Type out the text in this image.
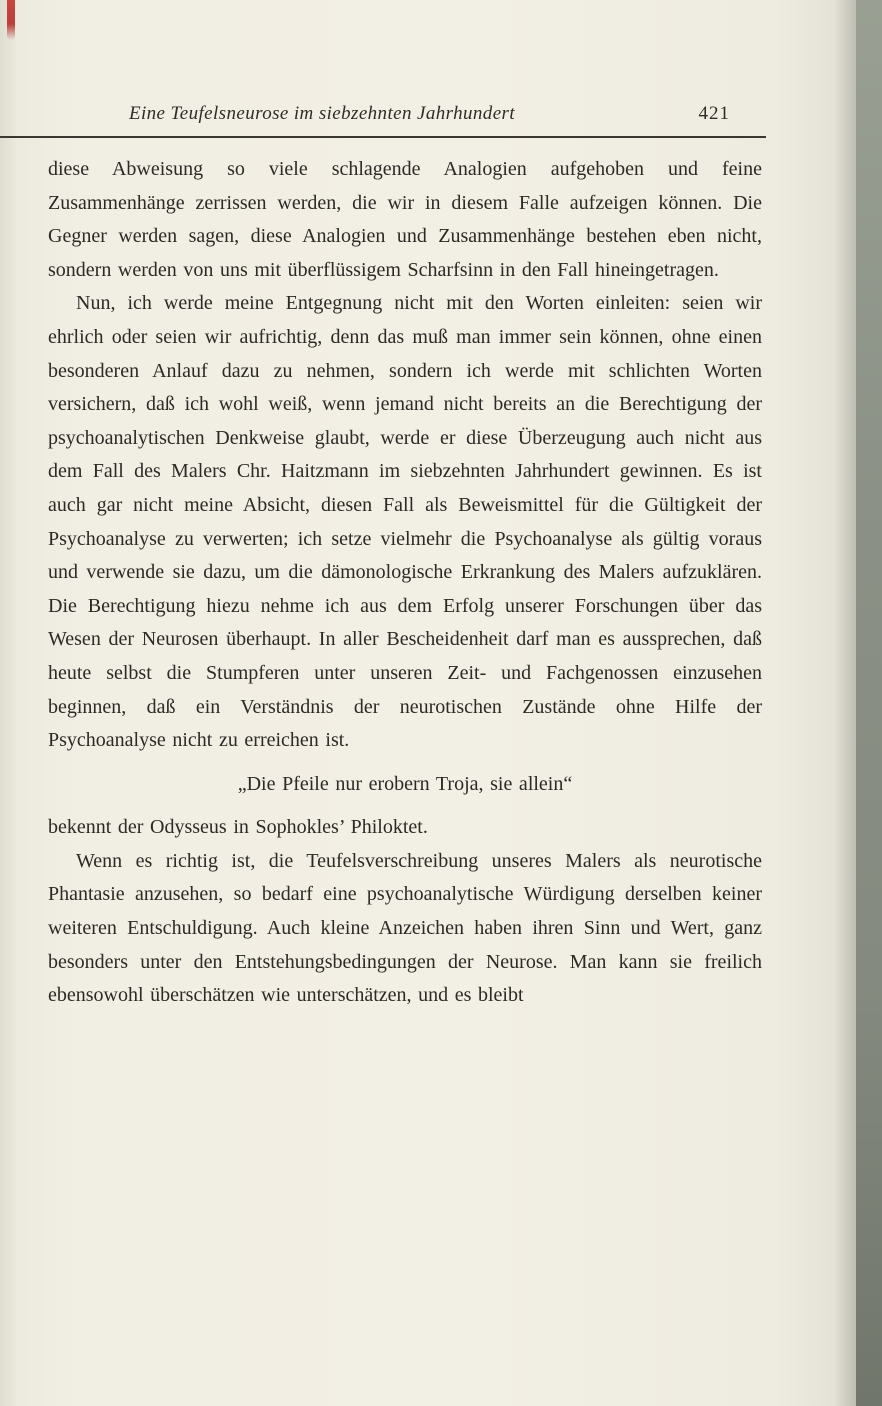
Eine Teufelsneurose im siebzehnten Jahrhundert	421

diese Abweisung so viele schlagende Analogien aufgehoben und feine Zusammenhänge zerrissen werden, die wir in diesem Falle aufzeigen können. Die Gegner werden sagen, diese Analogien und Zusammenhänge bestehen eben nicht, sondern werden von uns mit überflüssigem Scharfsinn in den Fall hineingetragen.

Nun, ich werde meine Entgegnung nicht mit den Worten einleiten: seien wir ehrlich oder seien wir aufrichtig, denn das muß man immer sein können, ohne einen besonderen Anlauf dazu zu nehmen, sondern ich werde mit schlichten Worten versichern, daß ich wohl weiß, wenn jemand nicht bereits an die Berechtigung der psychoanalytischen Denkweise glaubt, werde er diese Überzeugung auch nicht aus dem Fall des Malers Chr. Haitzmann im siebzehnten Jahrhundert gewinnen. Es ist auch gar nicht meine Absicht, diesen Fall als Beweismittel für die Gültigkeit der Psychoanalyse zu verwerten; ich setze vielmehr die Psychoanalyse als gültig voraus und verwende sie dazu, um die dämonologische Erkrankung des Malers aufzuklären. Die Berechtigung hiezu nehme ich aus dem Erfolg unserer Forschungen über das Wesen der Neurosen überhaupt. In aller Bescheidenheit darf man es aussprechen, daß heute selbst die Stumpferen unter unseren Zeit- und Fachgenossen einzusehen beginnen, daß ein Verständnis der neurotischen Zustände ohne Hilfe der Psychoanalyse nicht zu erreichen ist.

„Die Pfeile nur erobern Troja, sie allein“

bekennt der Odysseus in Sophokles’ Philoktet.

Wenn es richtig ist, die Teufelsverschreibung unseres Malers als neurotische Phantasie anzusehen, so bedarf eine psychoanalytische Würdigung derselben keiner weiteren Entschuldigung. Auch kleine Anzeichen haben ihren Sinn und Wert, ganz besonders unter den Entstehungsbedingungen der Neurose. Man kann sie freilich ebensowohl überschätzen wie unterschätzen, und es bleibt
